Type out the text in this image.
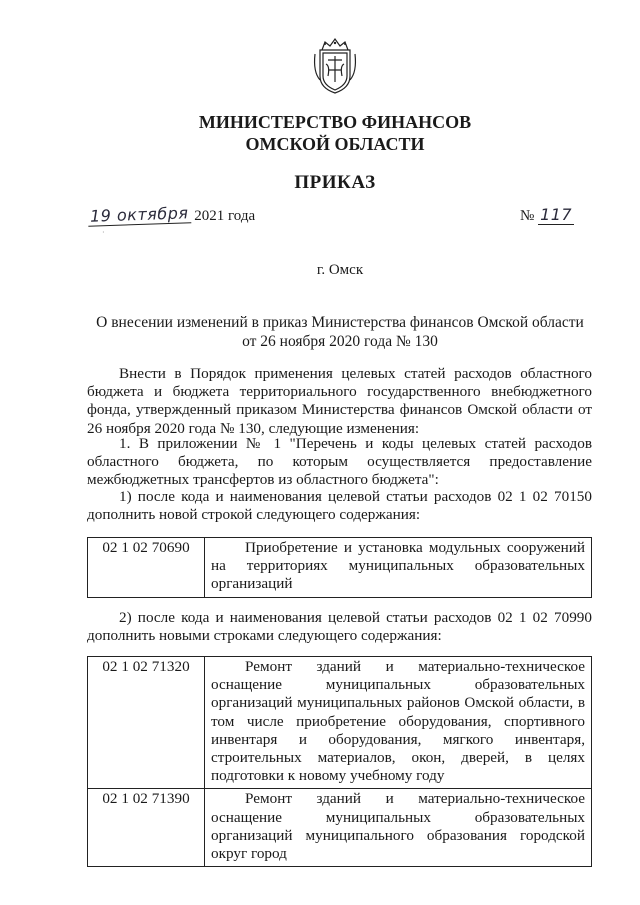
МИНИСТЕРСТВО ФИНАНСОВ
ОМСКОЙ ОБЛАСТИ
ПРИКАЗ
19 октября 2021 года
·
№ 117
г. Омск
О внесении изменений в приказ Министерства финансов Омской области
от 26 ноября 2020 года № 130

Внести в Порядок применения целевых статей расходов областного бюджета и бюджета территориального государственного внебюджетного фонда, утвержденный приказом Министерства финансов Омской области от 26 ноября 2020 года № 130, следующие изменения:

1. В приложении № 1 "Перечень и коды целевых статей расходов областного бюджета, по которым осуществляется предоставление межбюджетных трансфертов из областного бюджета":

1) после кода и наименования целевой статьи расходов 02 1 02 70150 дополнить новой строкой следующего содержания:

02 1 02 70690	Приобретение и установка модульных сооружений на территориях муниципальных образовательных организаций

2) после кода и наименования целевой статьи расходов 02 1 02 70990 дополнить новыми строками следующего содержания:

02 1 02 71320	Ремонт зданий и материально-техническое оснащение муниципальных образовательных организаций муниципальных районов Омской области, в том числе приобретение оборудования, спортивного инвентаря и оборудования, мягкого инвентаря, строительных материалов, окон, дверей, в целях подготовки к новому учебному году
02 1 02 71390	Ремонт зданий и материально-техническое оснащение муниципальных образовательных организаций муниципального образования городской округ город
